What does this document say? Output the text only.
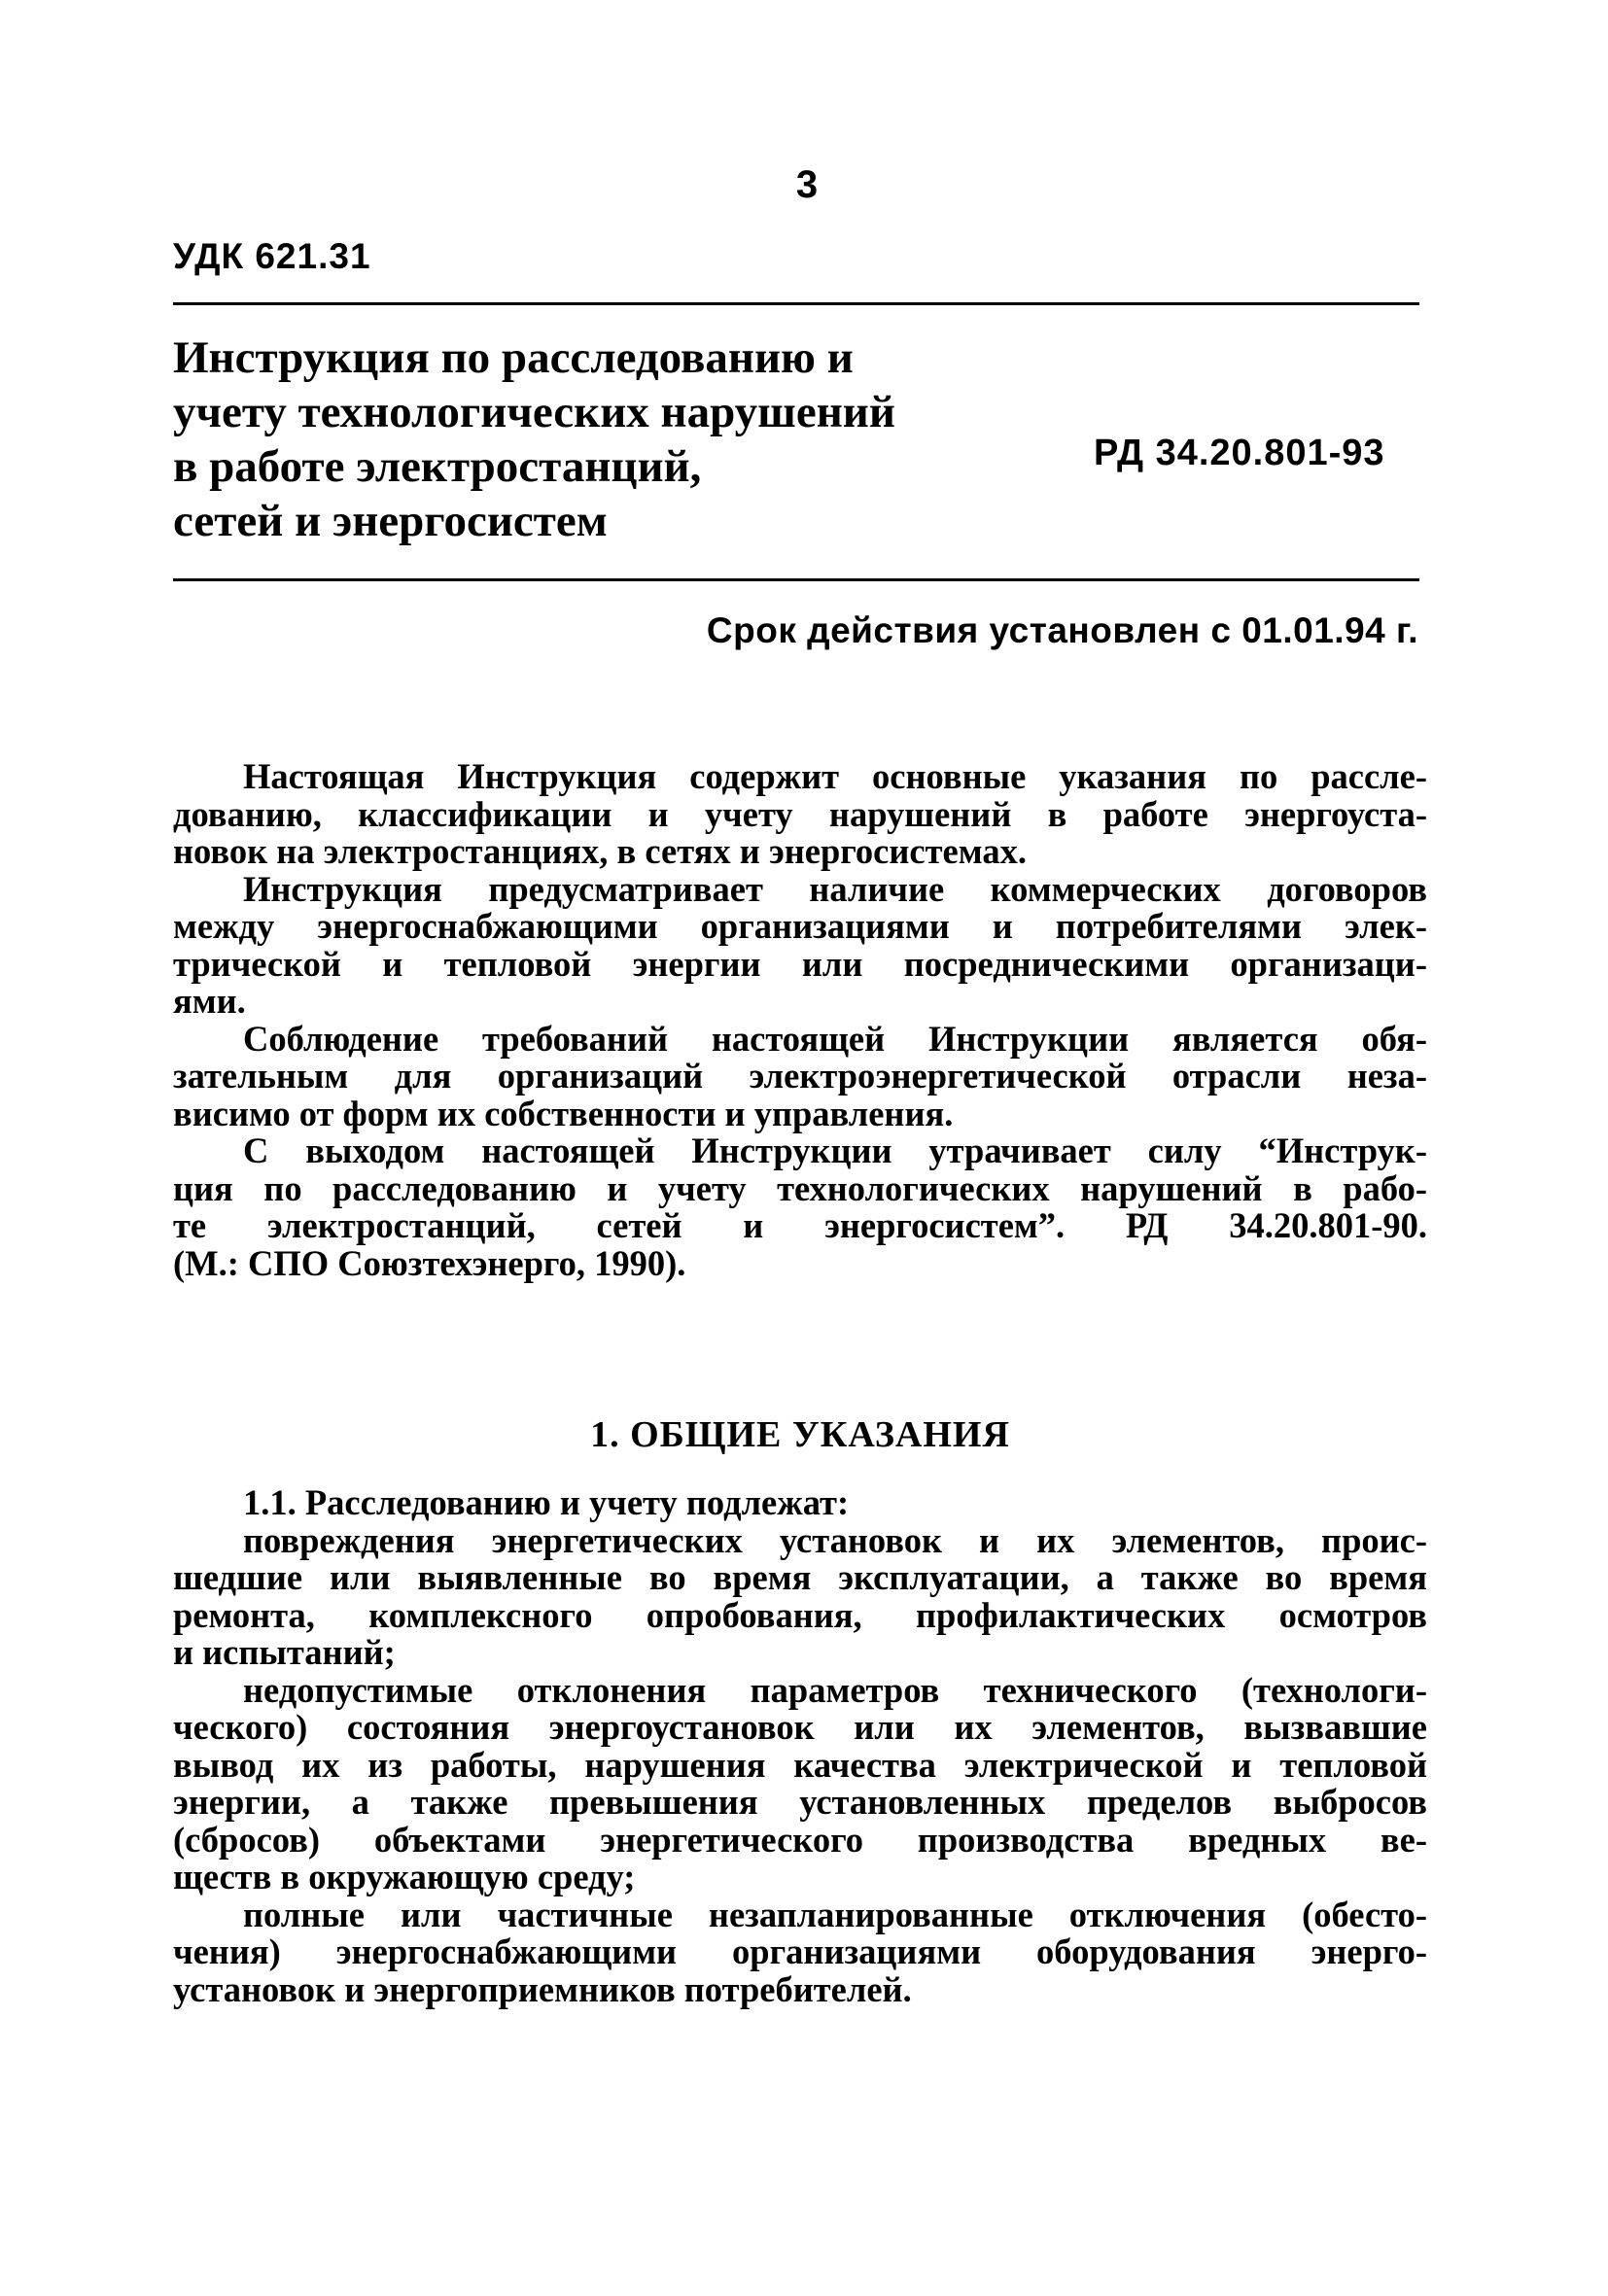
3
УДК 621.31
Инструкция по расследованию и
учету технологических нарушений
в работе электростанций,
сетей и энергосистем
РД 34.20.801-93
Срок действия установлен с 01.01.94 г.
Настоящая Инструкция содержит основные указания по рассле-
дованию, классификации и учету нарушений в работе энергоуста-
новок на электростанциях, в сетях и энергосистемах.
Инструкция предусматривает наличие коммерческих договоров
между энергоснабжающими организациями и потребителями элек-
трической и тепловой энергии или посредническими организаци-
ями.
Соблюдение требований настоящей Инструкции является обя-
зательным для организаций электроэнергетической отрасли неза-
висимо от форм их собственности и управления.
С выходом настоящей Инструкции утрачивает силу “Инструк-
ция по расследованию и учету технологических нарушений в рабо-
те электростанций, сетей и энергосистем”. РД 34.20.801-90.
(М.: СПО Союзтехэнерго, 1990).
1. ОБЩИЕ УКАЗАНИЯ
1.1. Расследованию и учету подлежат:
повреждения энергетических установок и их элементов, проис-
шедшие или выявленные во время эксплуатации, а также во время
ремонта, комплексного опробования, профилактических осмотров
и испытаний;
недопустимые отклонения параметров технического (технологи-
ческого) состояния энергоустановок или их элементов, вызвавшие
вывод их из работы, нарушения качества электрической и тепловой
энергии, а также превышения установленных пределов выбросов
(сбросов) объектами энергетического производства вредных ве-
ществ в окружающую среду;
полные или частичные незапланированные отключения (обесто-
чения) энергоснабжающими организациями оборудования энерго-
установок и энергоприемников потребителей.
